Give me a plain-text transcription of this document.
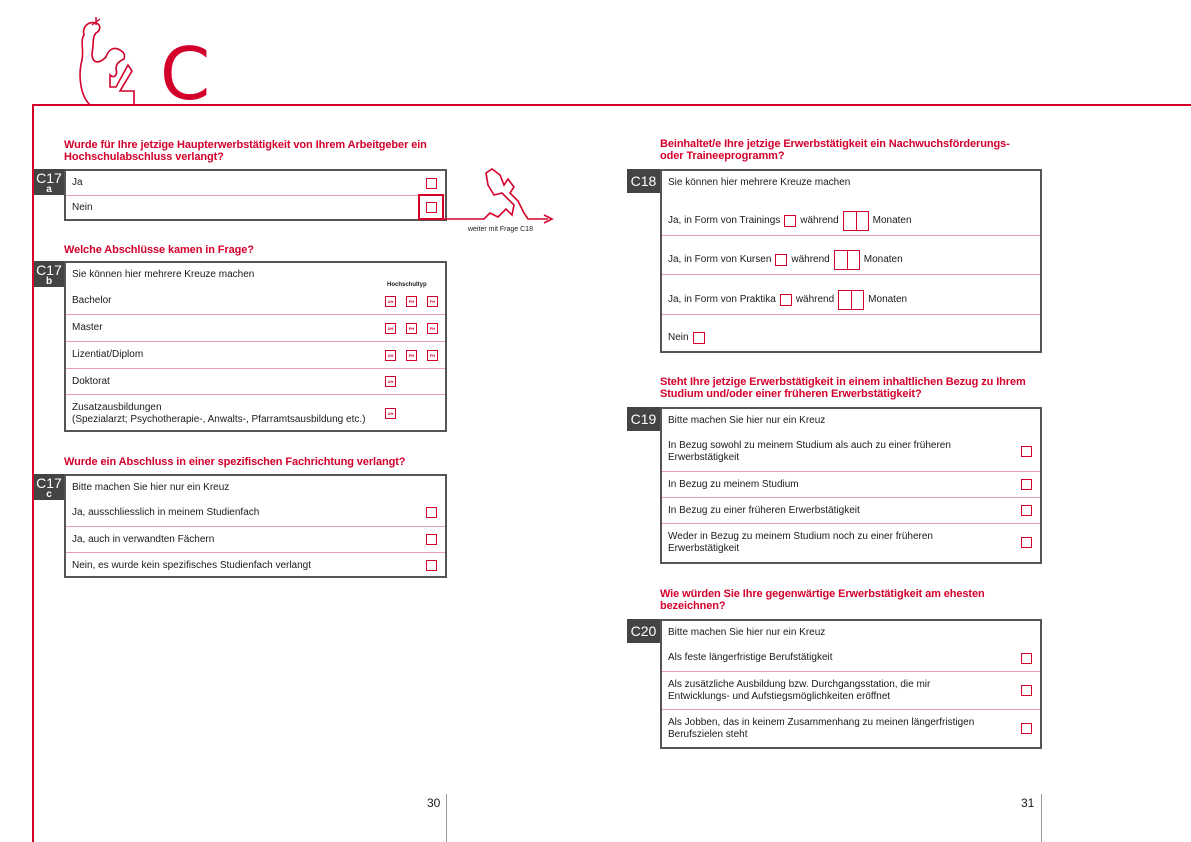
C
Wurde für Ihre jetzige Haupterwerbstätigkeit von Ihrem Arbeitgeber ein Hochschulabschluss verlangt?
C17
a
Ja
Nein
weiter mit Frage C18
Welche Abschlüsse kamen in Frage?
C17
b
Sie können hier mehrere Kreuze machen
Hochschultyp
Bachelor	UH	PH	FH
Master	UH	PH	FH
Lizentiat/Diplom	UH	PH	FH
Doktorat	UH
Zusatzausbildungen
(Spezialarzt; Psychotherapie-, Anwalts-, Pfarramtsausbildung etc.)	UH
Wurde ein Abschluss in einer spezifischen Fachrichtung verlangt?
C17
c
Bitte machen Sie hier nur ein Kreuz
Ja, ausschliesslich in meinem Studienfach
Ja, auch in verwandten Fächern
Nein, es wurde kein spezifisches Studienfach verlangt
30
Beinhaltet/e Ihre jetzige Erwerbstätigkeit ein Nachwuchsförderungs-
oder Traineeprogramm?
C18	Sie können hier mehrere Kreuze machen
Ja, in Form von Trainings während	Monaten
Ja, in Form von Kursen während	Monaten
Ja, in Form von Praktika während	Monaten
Nein
Steht Ihre jetzige Erwerbstätigkeit in einem inhaltlichen Bezug zu Ihrem
Studium und/oder einer früheren Erwerbstätigkeit?
C19	Bitte machen Sie hier nur ein Kreuz
In Bezug sowohl zu meinem Studium als auch zu einer früheren
Erwerbstätigkeit
In Bezug zu meinem Studium
In Bezug zu einer früheren Erwerbstätigkeit
Weder in Bezug zu meinem Studium noch zu einer früheren
Erwerbstätigkeit
Wie würden Sie Ihre gegenwärtige Erwerbstätigkeit am ehesten
bezeichnen?
C20	Bitte machen Sie hier nur ein Kreuz
Als feste längerfristige Berufstätigkeit
Als zusätzliche Ausbildung bzw. Durchgangsstation, die mir
Entwicklungs- und Aufstiegsmöglichkeiten eröffnet
Als Jobben, das in keinem Zusammenhang zu meinen längerfristigen
Berufszielen steht
31
